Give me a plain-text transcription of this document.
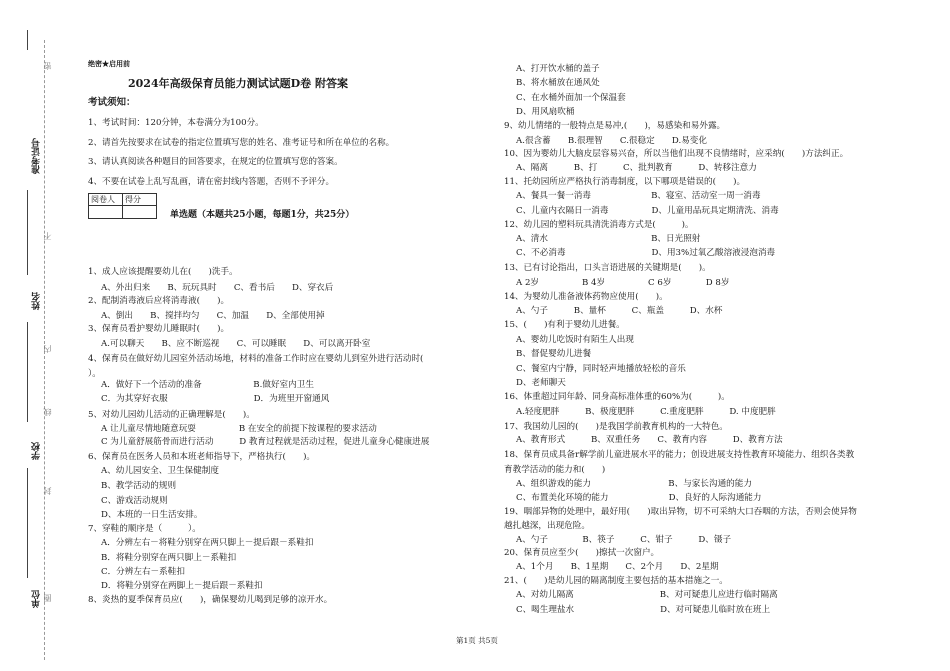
准考证号
姓名
学校
单位
密
不
内
线
封
圈
绝密★启用前
2024年高级保育员能力测试试题D卷 附答案
考试须知：
1、考试时间：120分钟，本卷满分为100分。
2、请首先按要求在试卷的指定位置填写您的姓名、准考证号和所在单位的名称。
3、请认真阅读各种题目的回答要求，在规定的位置填写您的答案。
4、不要在试卷上乱写乱画，请在密封线内答题，否则不予评分。
阅卷人	得分

单选题（本题共25小题，每题1分，共25分）
1、成人应该提醒要幼儿在(　　)洗手。
A、外出归来　　B、玩玩具时　　C、看书后　　D、穿衣后
2、配制消毒液后应将消毒液(　　)。
A、倒出　　B、搅拌均匀　　C、加温　　D、全部使用掉
3、保育员看护婴幼儿睡眠时(　　)。
A.可以聊天　　B、应不断巡视　　C、可以睡眠　　D、可以离开卧室
4、保育员在做好幼儿园室外活动场地，材料的准备工作时应在婴幼儿到室外进行活动时(
）。
A．做好下一个活动的准备　　　　　　B.做好室内卫生
C．为其穿好衣服　　　　　　　　　　D．为班里开窗通风
5、对幼儿园幼儿活动的正确理解是(　　)。
A 让儿童尽情地随意玩耍　　　　　B 在安全的前提下按课程的要求活动
C 为儿童舒展筋骨而进行活动　　　D 教育过程就是活动过程，促进儿童身心健康进展
6、保育员在医务人员和本班老师指导下，严格执行(　　)。
A、幼儿园安全、卫生保健制度
B、教学活动的规则
C、游戏活动规则
D、本班的一日生活安排。
7、穿鞋的顺序是（　　　）。
A．分辨左右－将鞋分别穿在两只脚上－提后跟－系鞋扣
B．将鞋分别穿在两只脚上－系鞋扣
C．分辨左右－系鞋扣
D．将鞋分别穿在两脚上－提后跟－系鞋扣
8、炎热的夏季保育员应(　　)，确保婴幼儿喝到足够的凉开水。
A、打开饮水桶的盖子
B、将水桶放在通风处
C、在水桶外面加一个保温套
D、用风扇吹桶
9、幼儿情绪的一般特点是易冲,(　　)，易感染和易外露。
A.很含蓄　　B.很理智　　C.很稳定　　D.易变化
10、因为婴幼儿大脑皮层容易兴奋，所以当他们出现不良情绪时，应采纳(　　)方法纠正。
A、隔离　　　B、打　　　C、批判教育　　　D、转移注意力
11、托幼园所应严格执行消毒制度，以下哪项是错误的(　　)。
A、餐具一餐一消毒　　　　　　　B、寝室、活动室一周一消毒
C、儿童内衣隔日一消毒　　　　　D、儿童用品玩具定期清洗、消毒
12、幼儿园的塑料玩具清洗消毒方式是(　　　)。
A、清水　　　　　　　　　　　　B、日光照射
C、不必消毒　　　　　　　　　　D、用3%过氧乙酸溶液浸泡消毒
13、已有讨论指出，口头言语进展的关键期是(　　)。
A 2岁　　　　　B 4岁　　　　　C 6岁　　　　D 8岁
14、为婴幼儿准备液体药物应使用(　　)。
A、勺子　　　B、量杯　　　C、瓶盖　　　D、水杯
15、(　　)有利于婴幼儿进餐。
A、婴幼儿吃饭时有陌生人出现
B、督促婴幼儿进餐
C、餐室内宁静，同时轻声地播放轻松的音乐
D、老师聊天
16、体重超过同年龄、同身高标准体重的60%为(　　　)。
A.轻度肥胖　　　B、极度肥胖　　　C.重度肥胖　　　D. 中度肥胖
17、我国幼儿园的(　　)是我国学前教育机构的一大特色。
A、教育形式　　　B、双重任务　　C、教育内容　　　D、教育方法
18、保育员成具备r解学前儿童进展水平的能力；创设进展支持性教育环境能力、组织各类教
育教学活动的能力和(　　)
A、组织游戏的能力　　　　　　　　　B、与家长沟通的能力
C、布置美化环境的能力　　　　　　　D、良好的人际沟通能力
19、咽部异物的处理中，最好用(　　)取出异物，切不可采纳大口吞咽的方法，否则会使异物
越扎越深，出现危险。
A、勺子　　　　B、筷子　　　C、钳子　　　D、镊子
20、保育员应至少(　　)擦拭一次窗户。
A、1个月　　B、1星期　　C、2个月　　D、2星期
21、(　　)是幼儿园的隔离制度主要包括的基本措施之一。
A、对幼儿隔离　　　　　　　　　　B、对可疑患儿应进行临时隔离
C、喝生理盐水　　　　　　　　　　D、对可疑患儿临时放在班上
第1页 共5页
